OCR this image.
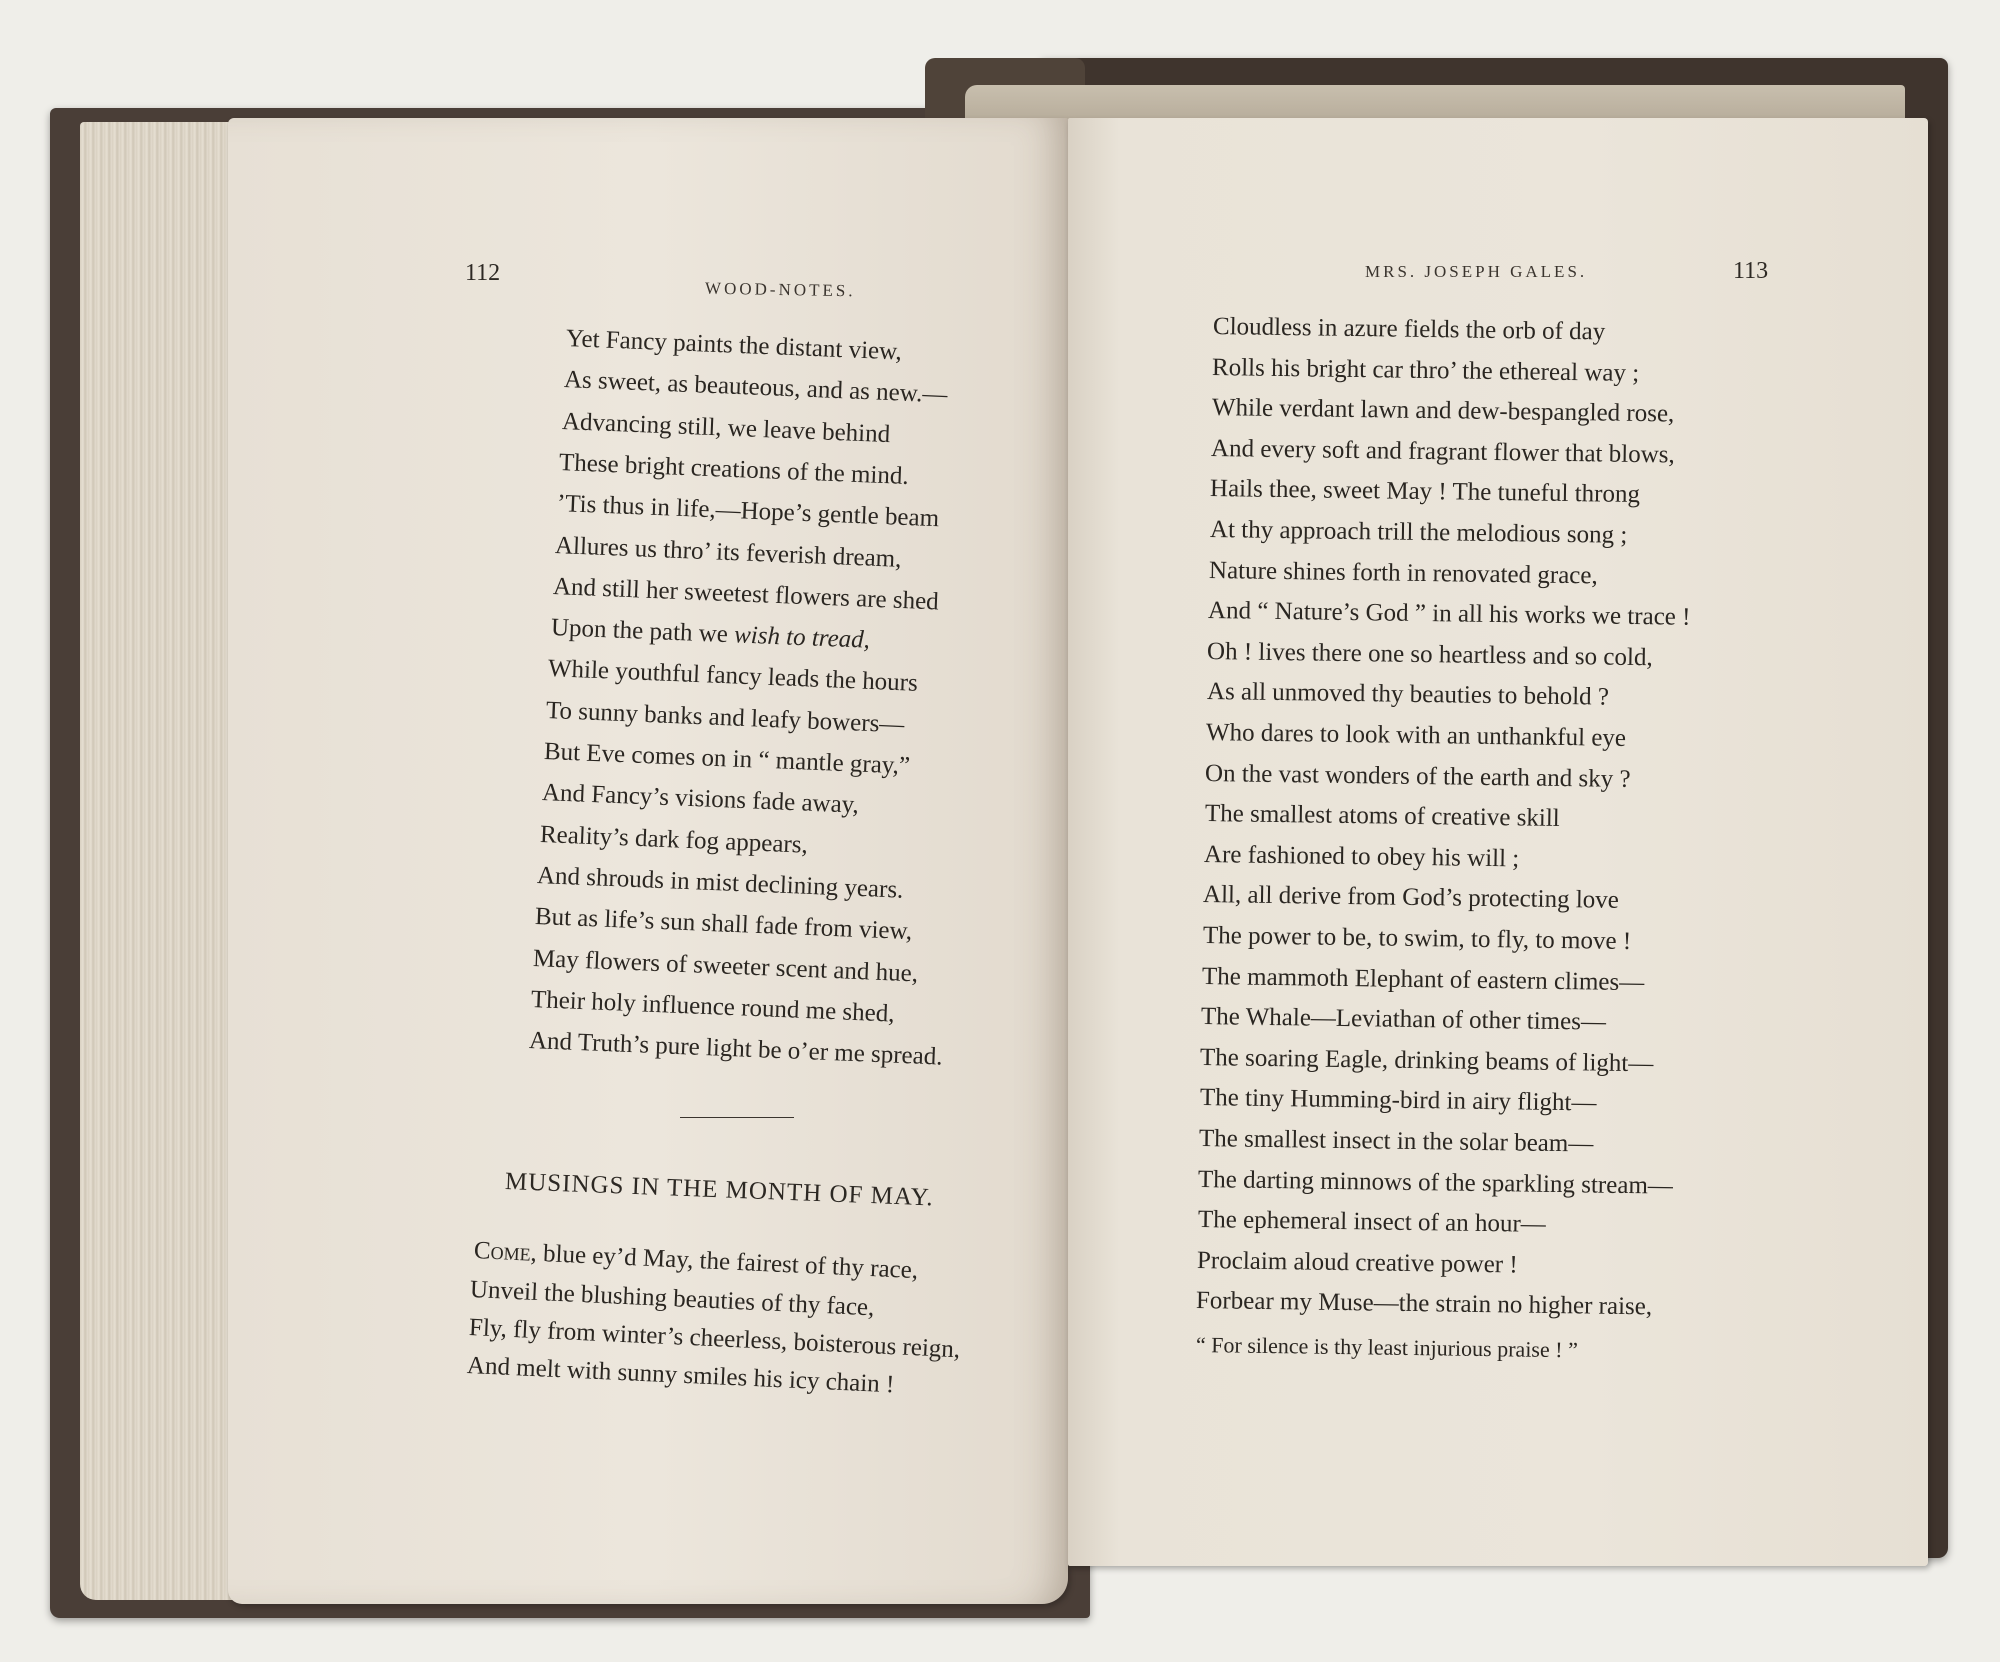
112
WOOD-NOTES.
Yet Fancy paints the distant view,
As sweet, as beauteous, and as new.—
Advancing still, we leave behind
These bright creations of the mind.
’Tis thus in life,—Hope’s gentle beam
Allures us thro’ its feverish dream,
And still her sweetest flowers are shed
Upon the path we wish to tread,
While youthful fancy leads the hours
To sunny banks and leafy bowers—
But Eve comes on in “ mantle gray,”
And Fancy’s visions fade away,
Reality’s dark fog appears,
And shrouds in mist declining years.
But as life’s sun shall fade from view,
May flowers of sweeter scent and hue,
Their holy influence round me shed,
And Truth’s pure light be o’er me spread.
MUSINGS IN THE MONTH OF MAY.
Come, blue ey’d May, the fairest of thy race,
Unveil the blushing beauties of thy face,
Fly, fly from winter’s cheerless, boisterous reign,
And melt with sunny smiles his icy chain !
MRS. JOSEPH GALES.	113
Cloudless in azure fields the orb of day
Rolls his bright car thro’ the ethereal way ;
While verdant lawn and dew-bespangled rose,
And every soft and fragrant flower that blows,
Hails thee, sweet May ! The tuneful throng
At thy approach trill the melodious song ;
Nature shines forth in renovated grace,
And “ Nature’s God ” in all his works we trace !
Oh ! lives there one so heartless and so cold,
As all unmoved thy beauties to behold ?
Who dares to look with an unthankful eye
On the vast wonders of the earth and sky ?
The smallest atoms of creative skill
Are fashioned to obey his will ;
All, all derive from God’s protecting love
The power to be, to swim, to fly, to move !
The mammoth Elephant of eastern climes—
The Whale—Leviathan of other times—
The soaring Eagle, drinking beams of light—
The tiny Humming-bird in airy flight—
The smallest insect in the solar beam—
The darting minnows of the sparkling stream—
The ephemeral insect of an hour—
Proclaim aloud creative power !
Forbear my Muse—the strain no higher raise,
“ For silence is thy least injurious praise ! ”
